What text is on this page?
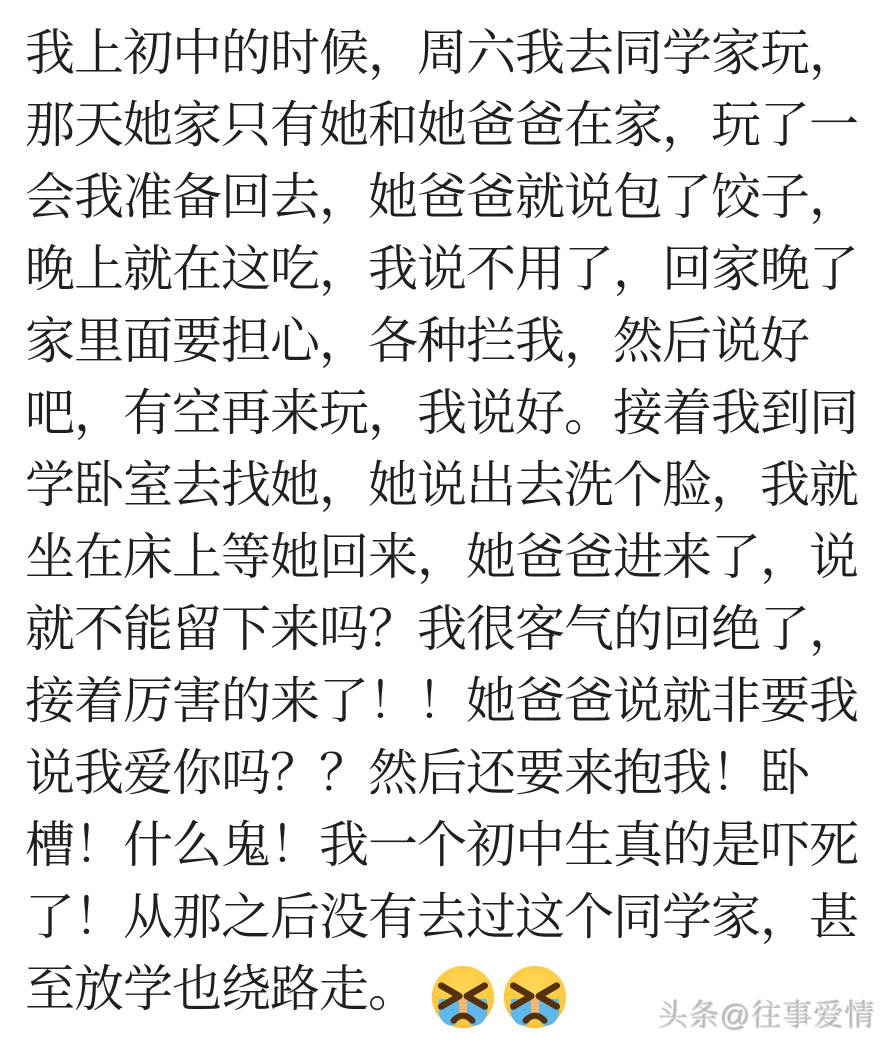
我上初中的时候，周六我去同学家玩，
那天她家只有她和她爸爸在家，玩了一
会我准备回去，她爸爸就说包了饺子，
晚上就在这吃，我说不用了，回家晚了
家里面要担心，各种拦我，然后说好
吧，有空再来玩，我说好。接着我到同
学卧室去找她，她说出去洗个脸，我就
坐在床上等她回来，她爸爸进来了，说
就不能留下来吗？我很客气的回绝了，
接着厉害的来了！！她爸爸说就非要我
说我爱你吗？？然后还要来抱我！卧
槽！什么鬼！我一个初中生真的是吓死
了！从那之后没有去过这个同学家，甚
至放学也绕路走。	头条@往事爱情
